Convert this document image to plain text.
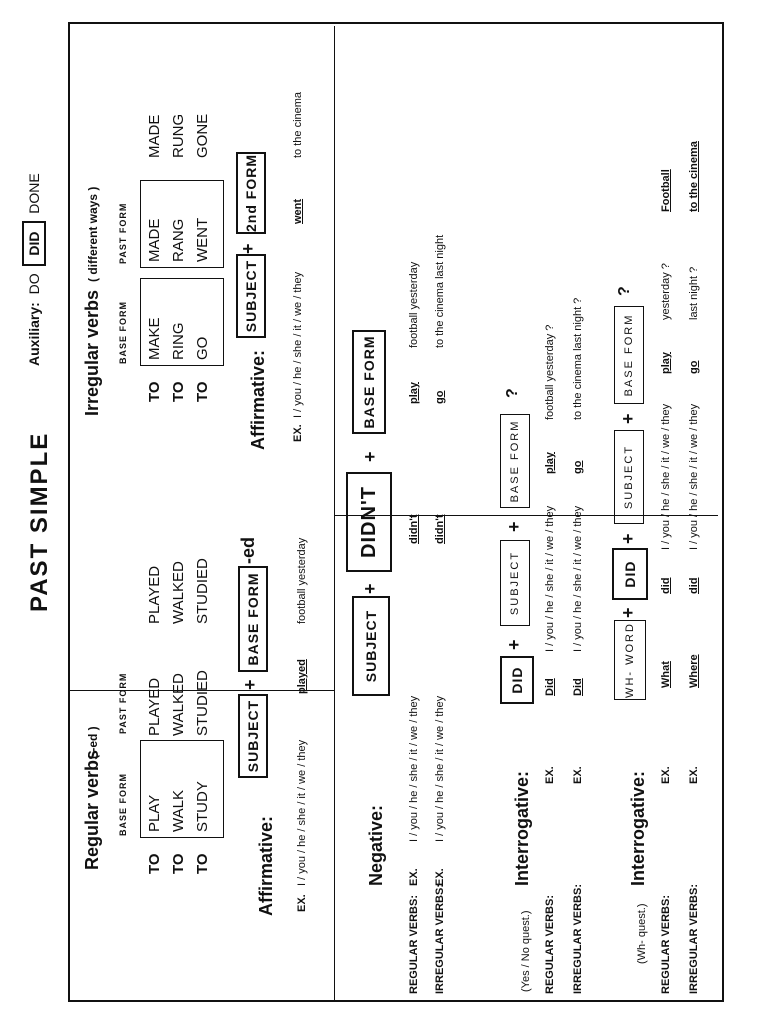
PAST SIMPLE
Auxiliary:  DO  DID  DONE
Regular verbs
( -ed )
BASE FORM
PAST FORM
TO TO TO
PLAY WALK STUDY
PLAYED WALKED STUDIED
PLAYED WALKED STUDIED
Affirmative:
SUBJECT
+
BASE FORM
-ed
EX.
I / you / he / she / it / we / they
played
football yesterday
Irregular verbs
( different ways )
BASE FORM
PAST FORM
TO TO TO
MAKE RING GO
MADE RANG WENT
MADE RUNG GONE
Affirmative:
SUBJECT
+
2nd FORM
EX.
I / you / he / she / it / we / they
went
to the cinema
Negative:
SUBJECT
+
DIDN'T
+
BASE FORM
REGULAR VERBS:
EX.
I / you / he / she / it / we / they
didn't
play
football yesterday
IRREGULAR VERBS:
EX.
I / you / he / she / it / we / they
didn't
go
to the cinema last night
(Yes / No quest.)
Interrogative:
DID
+
SUBJECT
+
BASE FORM
?
REGULAR VERBS:
EX.
Did
I / you / he / she / it / we / they
play
football yesterday ?
IRREGULAR VERBS:
EX.
Did
I / you / he / she / it / we / they
go
to the cinema last night ?
(Wh- quest.)
Interrogative:
WH- WORD
+
DID
+
SUBJECT
+
BASE FORM
?
REGULAR VERBS:
EX.
What
did
I / you / he / she / it / we / they
play
yesterday ?
Football
IRREGULAR VERBS:
EX.
Where
did
I / you / he / she / it / we / they
go
last night ?
to the cinema
